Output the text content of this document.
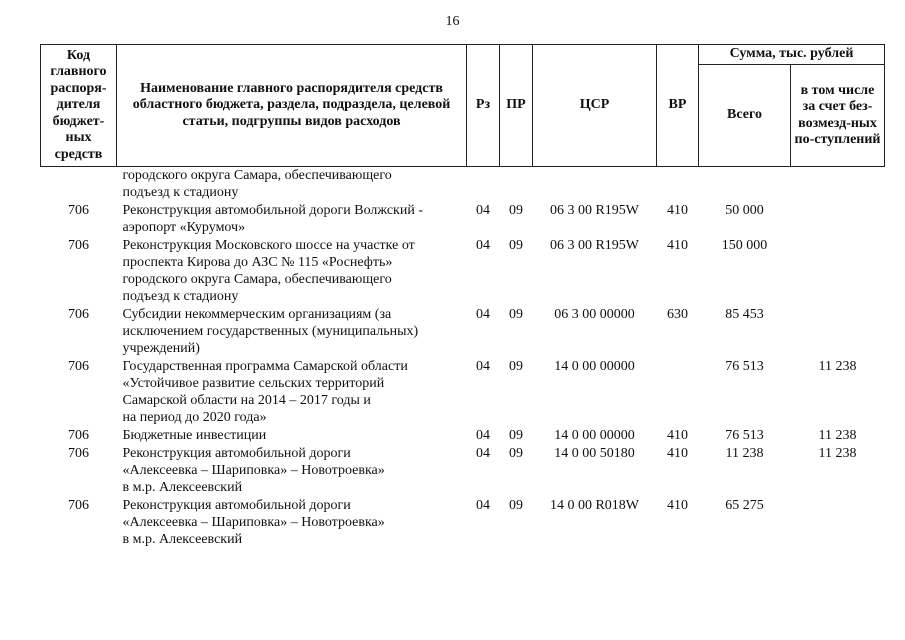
16
Код главного распоря-дителя бюджет-ных средств	Наименование главного распорядителя средств областного бюджета, раздела, подраздела, целевой статьи, подгруппы видов расходов	Рз	ПР	ЦСР	ВР	Сумма, тыс. рублей	
						Всего	в том числе за счет без-возмезд-ных по-ступлений

	городского округа Самара, обеспечивающего
подъезд к стадиону						

706	Реконструкция автомобильной дороги Волжский -
аэропорт «Курумоч»	04	09	06 3 00 R195W	410	50 000	
706	Реконструкция Московского шоссе на участке от
проспекта Кирова до АЗС № 115 «Роснефть»
городского округа Самара, обеспечивающего
подъезд к стадиону	04	09	06 3 00 R195W	410	150 000	
706	Субсидии некоммерческим организациям (за
исключением государственных (муниципальных)
учреждений)	04	09	06 3 00 00000	630	85 453	
706	Государственная программа Самарской области
«Устойчивое развитие сельских территорий
Самарской области на 2014 – 2017 годы и
на период до 2020 года»	04	09	14 0 00 00000		76 513	11 238
706	Бюджетные инвестиции	04	09	14 0 00 00000	410	76 513	11 238
706	Реконструкция автомобильной дороги
«Алексеевка – Шариповка» – Новотроевка»
в м.р. Алексеевский	04	09	14 0 00 50180	410	11 238	11 238
706	Реконструкция автомобильной дороги
«Алексеевка – Шариповка» – Новотроевка»
в м.р. Алексеевский	04	09	14 0 00 R018W	410	65 275	
